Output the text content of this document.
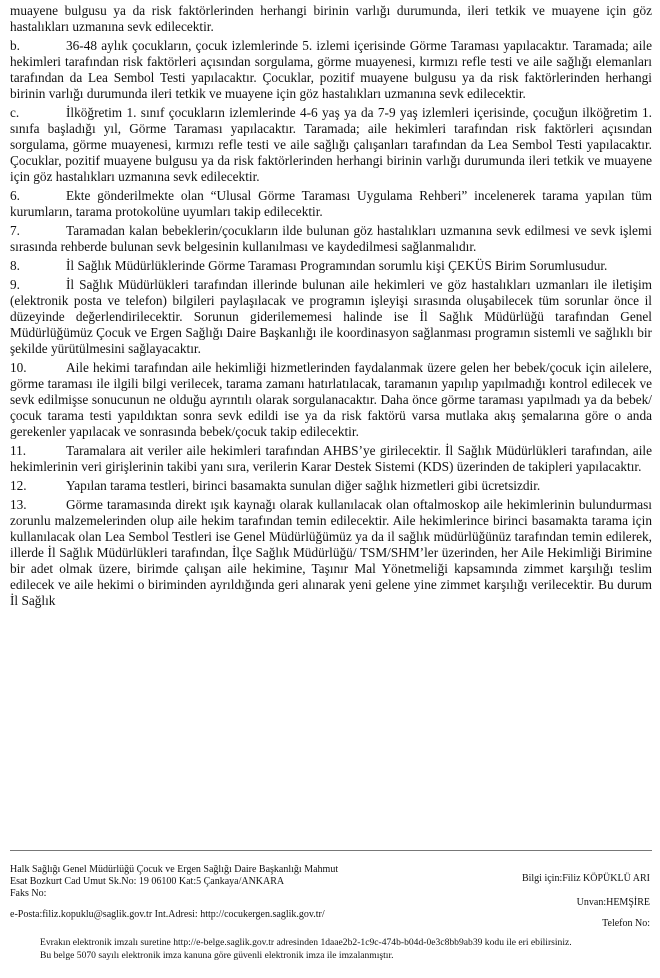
muayene bulgusu ya da risk faktörlerinden herhangi birinin varlığı durumunda, ileri tetkik ve muayene için göz hastalıkları uzmanına sevk edilecektir.

b.	36-48 aylık çocukların, çocuk izlemlerinde 5. izlemi içerisinde Görme Taraması yapılacaktır. Taramada; aile hekimleri tarafından risk faktörleri açısından sorgulama, görme muayenesi, kırmızı refle testi ve aile sağlığı elemanları tarafından da Lea Sembol Testi yapılacaktır. Çocuklar, pozitif muayene bulgusu ya da risk faktörlerinden herhangi birinin varlığı durumunda ileri tetkik ve muayene için göz hastalıkları uzmanına sevk edilecektir.

c.	İlköğretim 1. sınıf çocukların izlemlerinde 4-6 yaş ya da 7-9 yaş izlemleri içerisinde, çocuğun ilköğretim 1. sınıfa başladığı yıl, Görme Taraması yapılacaktır. Taramada; aile hekimleri tarafından risk faktörleri açısından sorgulama, görme muayenesi, kırmızı refle testi ve aile sağlığı çalışanları tarafından da Lea Sembol Testi yapılacaktır. Çocuklar, pozitif muayene bulgusu ya da risk faktörlerinden herhangi birinin varlığı durumunda ileri tetkik ve muayene için göz hastalıkları uzmanına sevk edilecektir.

6.	Ekte gönderilmekte olan “Ulusal Görme Taraması Uygulama Rehberi” incelenerek tarama yapılan tüm kurumların, tarama protokolüne uyumları takip edilecektir.

7.	Taramadan kalan bebeklerin/çocukların ilde bulunan göz hastalıkları uzmanına sevk edilmesi ve sevk işlemi sırasında rehberde bulunan sevk belgesinin kullanılması ve kaydedilmesi sağlanmalıdır.

8.	İl Sağlık Müdürlüklerinde Görme Taraması Programından sorumlu kişi ÇEKÜS Birim Sorumlusudur.

9.	İl Sağlık Müdürlükleri tarafından illerinde bulunan aile hekimleri ve göz hastalıkları uzmanları ile iletişim (elektronik posta ve telefon) bilgileri paylaşılacak ve programın işleyişi sırasında oluşabilecek tüm sorunlar önce il düzeyinde değerlendirilecektir. Sorunun giderilememesi halinde ise İl Sağlık Müdürlüğü tarafından Genel Müdürlüğümüz Çocuk ve Ergen Sağlığı Daire Başkanlığı ile koordinasyon sağlanması programın sistemli ve sağlıklı bir şekilde yürütülmesini sağlayacaktır.

10.	Aile hekimi tarafından aile hekimliği hizmetlerinden faydalanmak üzere gelen her bebek/çocuk için ailelere, görme taraması ile ilgili bilgi verilecek, tarama zamanı hatırlatılacak, taramanın yapılıp yapılmadığı kontrol edilecek ve sevk edilmişse sonucunun ne olduğu ayrıntılı olarak sorgulanacaktır. Daha önce görme taraması yapılmadı ya da bebek/çocuk tarama testi yapıldıktan sonra sevk edildi ise ya da risk faktörü varsa mutlaka akış şemalarına göre o anda gerekenler yapılacak ve sonrasında bebek/çocuk takip edilecektir.

11.	Taramalara ait veriler aile hekimleri tarafından AHBS’ye girilecektir. İl Sağlık Müdürlükleri tarafından, aile hekimlerinin veri girişlerinin takibi yanı sıra, verilerin Karar Destek Sistemi (KDS) üzerinden de takipleri yapılacaktır.

12.	Yapılan tarama testleri, birinci basamakta sunulan diğer sağlık hizmetleri gibi ücretsizdir.

13.	Görme taramasında direkt ışık kaynağı olarak kullanılacak olan oftalmoskop aile hekimlerinin bulundurması zorunlu malzemelerinden olup aile hekim tarafından temin edilecektir. Aile hekimlerince birinci basamakta tarama için kullanılacak olan Lea Sembol Testleri ise Genel Müdürlüğümüz ya da il sağlık müdürlüğünüz tarafından temin edilerek, illerde İl Sağlık Müdürlükleri tarafından, İlçe Sağlık Müdürlüğü/ TSM/SHM’ler üzerinden, her Aile Hekimliği Birimine bir adet olmak üzere, birimde çalışan aile hekimine, Taşınır Mal Yönetmeliği kapsamında zimmet karşılığı teslim edilecek ve aile hekimi o biriminden ayrıldığında geri alınarak yeni gelene yine zimmet karşılığı verilecektir. Bu durum İl Sağlık

Halk Sağlığı Genel Müdürlüğü Çocuk ve Ergen Sağlığı Daire Başkanlığı Mahmut
Esat Bozkurt Cad Umut Sk.No: 19 06100 Kat:5 Çankaya/ANKARA
Faks No:
e-Posta:filiz.kopuklu@saglik.gov.tr Int.Adresi: http://cocukergen.saglik.gov.tr/
Bilgi için:Filiz KÖPÜKLÜ ARI
Unvan:HEMŞİRE
Telefon No:
Evrakın elektronik imzalı suretine http://e-belge.saglik.gov.tr adresinden 1daae2b2-1c9c-474b-b04d-0e3c8bb9ab39 kodu ile eri ebilirsiniz.
Bu belge 5070 sayılı elektronik imza kanuna göre güvenli elektronik imza ile imzalanmıştır.
